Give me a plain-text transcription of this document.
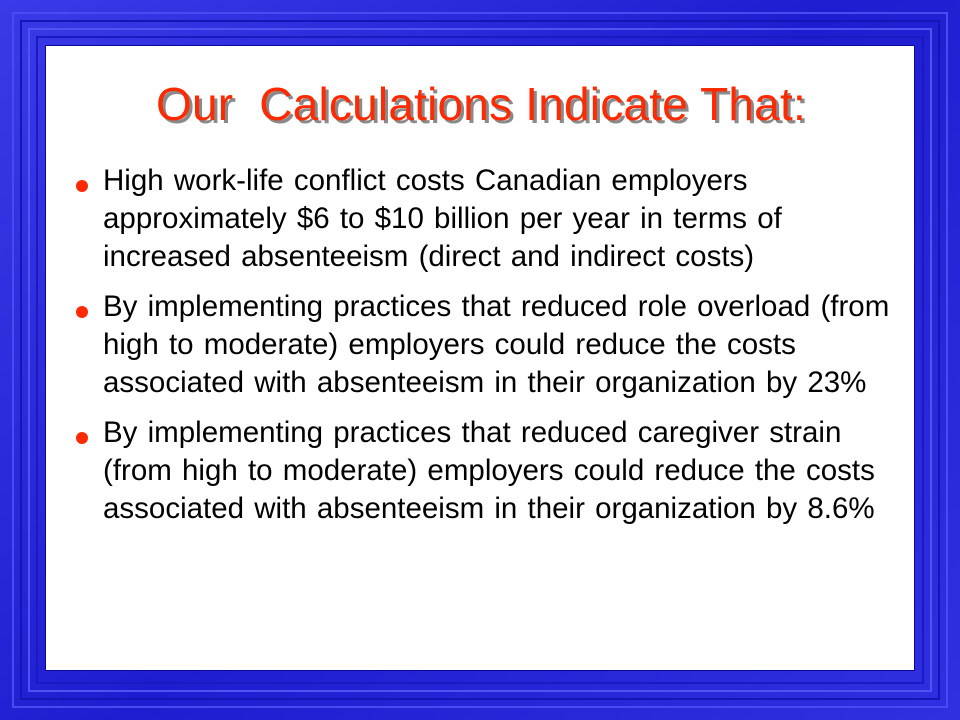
Our  Calculations Indicate That:
High work-life conflict costs Canadian employers approximately $6 to $10 billion per year in terms of increased absenteeism (direct and indirect costs)
By implementing practices that reduced role overload (from high to moderate) employers could reduce the costs associated with absenteeism in their organization by 23%
By implementing practices that reduced caregiver strain (from high to moderate) employers could reduce the costs associated with absenteeism in their organization by 8.6%
